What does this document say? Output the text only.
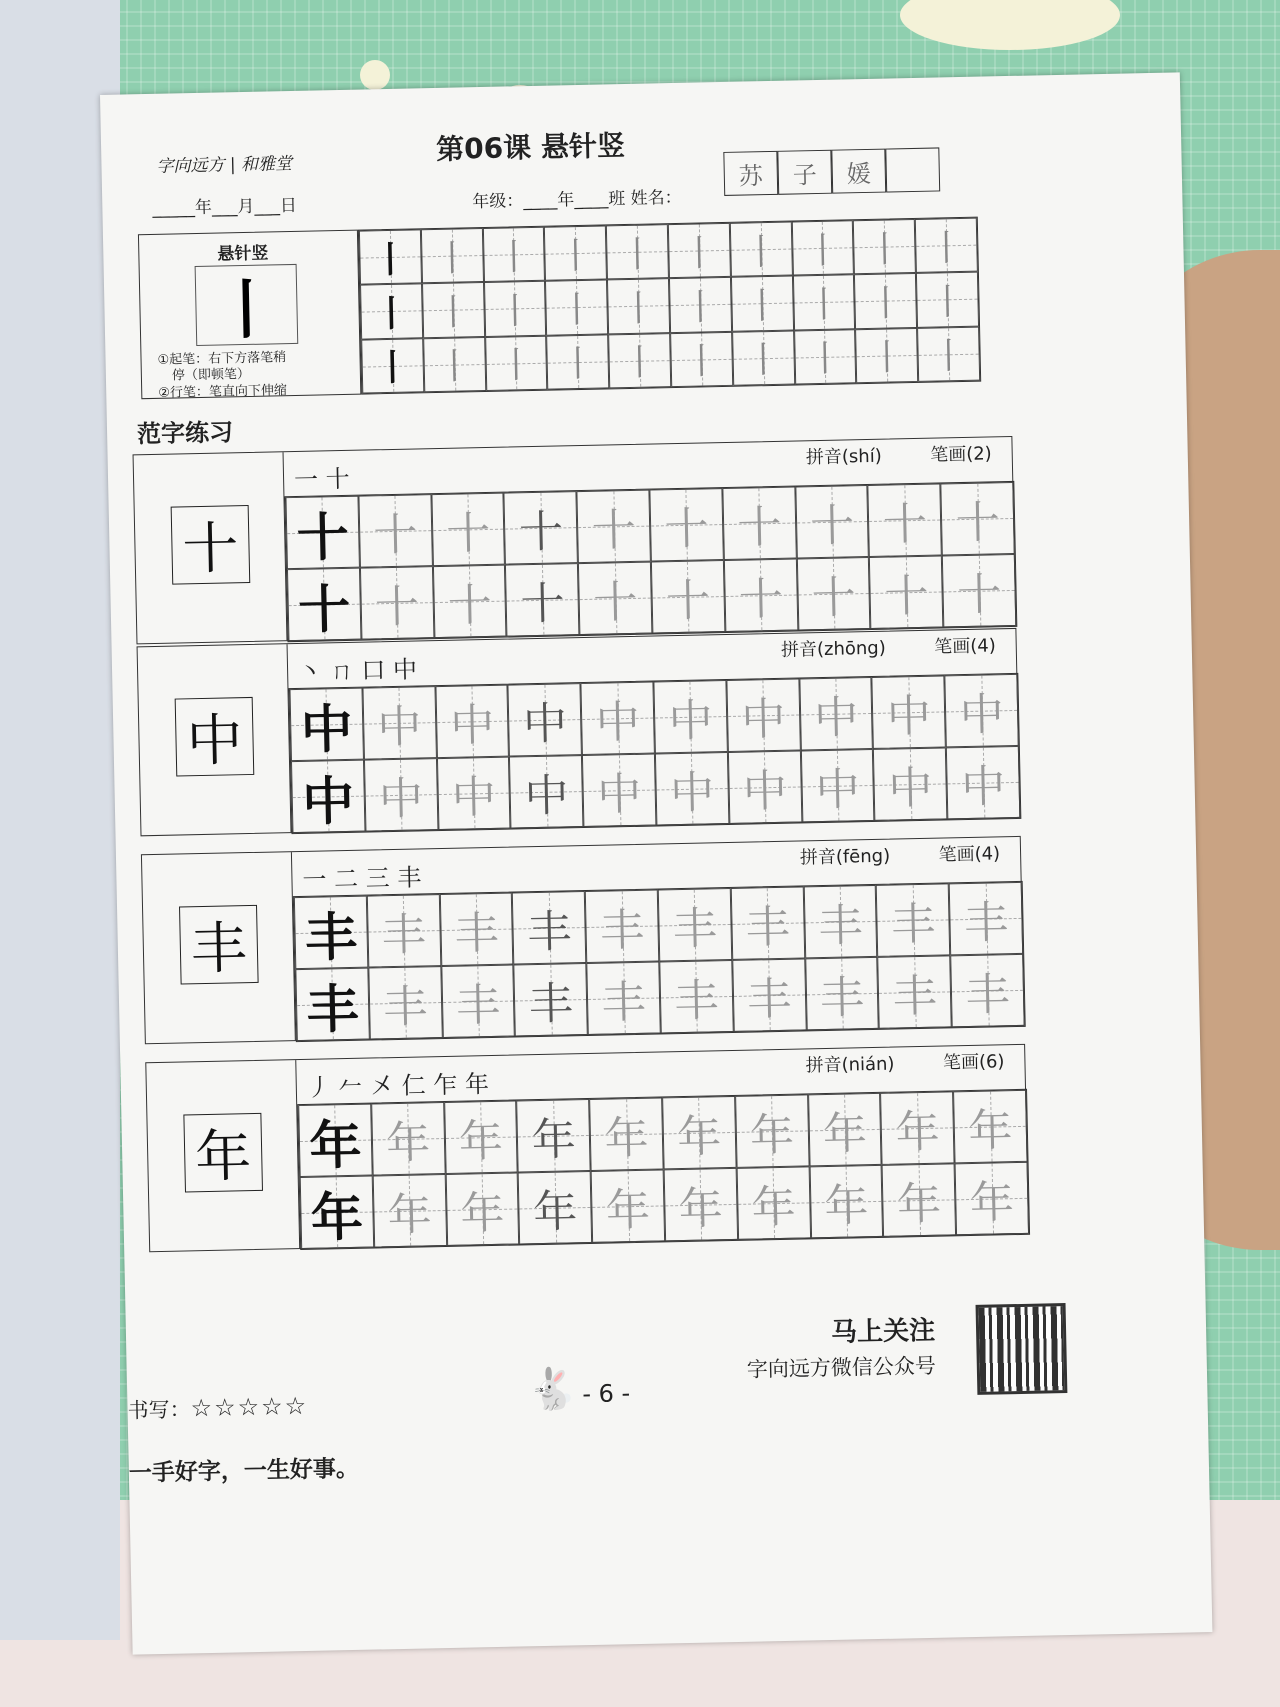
字向远方 | 和雅堂	第06课 悬针竖
_____年___月___日	年级：____年____班 姓名：
苏 子 媛
悬针竖
丨
①起笔：右下方落笔稍
停（即顿笔）
②行笔：笔直向下伸缩
丨 丨 丨 丨 丨 丨 丨 丨 丨 丨
丨 丨 丨 丨 丨 丨 丨 丨 丨 丨
丨 丨 丨 丨 丨 丨 丨 丨 丨 丨
范字练习
十
一 十
拼音(shí)	笔画(2)
十 十 十 十 十 十 十 十 十 十
十 十 十 十 十 十 十 十 十 十
中
丶 ㄇ 口 中
拼音(zhōng)	笔画(4)
中 中 中 中 中 中 中 中 中 中
中 中 中 中 中 中 中 中 中 中
丰
一 二 三 丰
拼音(fēng)	笔画(4)
丰 丰 丰 丰 丰 丰 丰 丰 丰 丰
丰 丰 丰 丰 丰 丰 丰 丰 丰 丰
年
丿 𠂉 㐅 仁 乍 年
拼音(nián)	笔画(6)
年 年 年 年 年 年 年 年 年 年
年 年 年 年 年 年 年 年 年 年
马上关注
字向远方微信公众号
书写：☆☆☆☆☆	🐇 - 6 -
一手好字，一生好事。
